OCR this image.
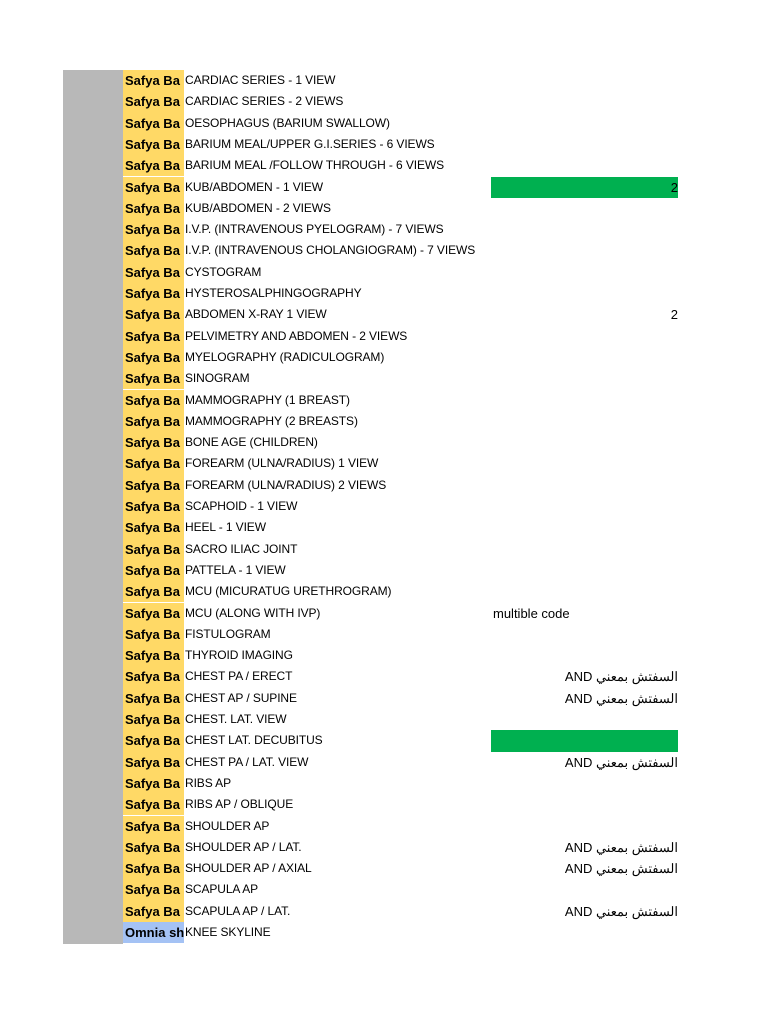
Safya Ba CARDIAC SERIES - 1 VIEW
Safya Ba CARDIAC SERIES - 2 VIEWS
Safya Ba OESOPHAGUS (BARIUM SWALLOW)
Safya Ba BARIUM MEAL/UPPER G.I.SERIES - 6 VIEWS
Safya Ba BARIUM MEAL /FOLLOW THROUGH - 6 VIEWS
Safya Ba KUB/ABDOMEN - 1 VIEW	2
Safya Ba KUB/ABDOMEN - 2 VIEWS
Safya Ba I.V.P. (INTRAVENOUS PYELOGRAM) - 7 VIEWS
Safya Ba I.V.P. (INTRAVENOUS CHOLANGIOGRAM) - 7 VIEWS
Safya Ba CYSTOGRAM
Safya Ba HYSTEROSALPHINGOGRAPHY
Safya Ba ABDOMEN X-RAY 1 VIEW	2
Safya Ba PELVIMETRY AND ABDOMEN - 2 VIEWS
Safya Ba MYELOGRAPHY (RADICULOGRAM)
Safya Ba SINOGRAM
Safya Ba MAMMOGRAPHY (1 BREAST)
Safya Ba MAMMOGRAPHY (2 BREASTS)
Safya Ba BONE AGE (CHILDREN)
Safya Ba FOREARM (ULNA/RADIUS) 1 VIEW
Safya Ba FOREARM (ULNA/RADIUS) 2 VIEWS
Safya Ba SCAPHOID - 1 VIEW
Safya Ba HEEL - 1 VIEW
Safya Ba SACRO ILIAC JOINT
Safya Ba PATTELA - 1 VIEW
Safya Ba MCU (MICURATUG URETHROGRAM)
Safya Ba MCU (ALONG WITH IVP)	multible code
Safya Ba FISTULOGRAM
Safya Ba THYROID IMAGING
Safya Ba CHEST PA / ERECT	AND السفتش بمعني
Safya Ba CHEST AP / SUPINE	AND السفتش بمعني
Safya Ba CHEST. LAT. VIEW
Safya Ba CHEST LAT. DECUBITUS
Safya Ba CHEST PA / LAT. VIEW	AND السفتش بمعني
Safya Ba RIBS AP
Safya Ba RIBS AP / OBLIQUE
Safya Ba SHOULDER AP
Safya Ba SHOULDER AP / LAT.	AND السفتش بمعني
Safya Ba SHOULDER AP / AXIAL	AND السفتش بمعني
Safya Ba SCAPULA AP
Safya Ba SCAPULA AP / LAT.	AND السفتش بمعني
Omnia sh KNEE SKYLINE
